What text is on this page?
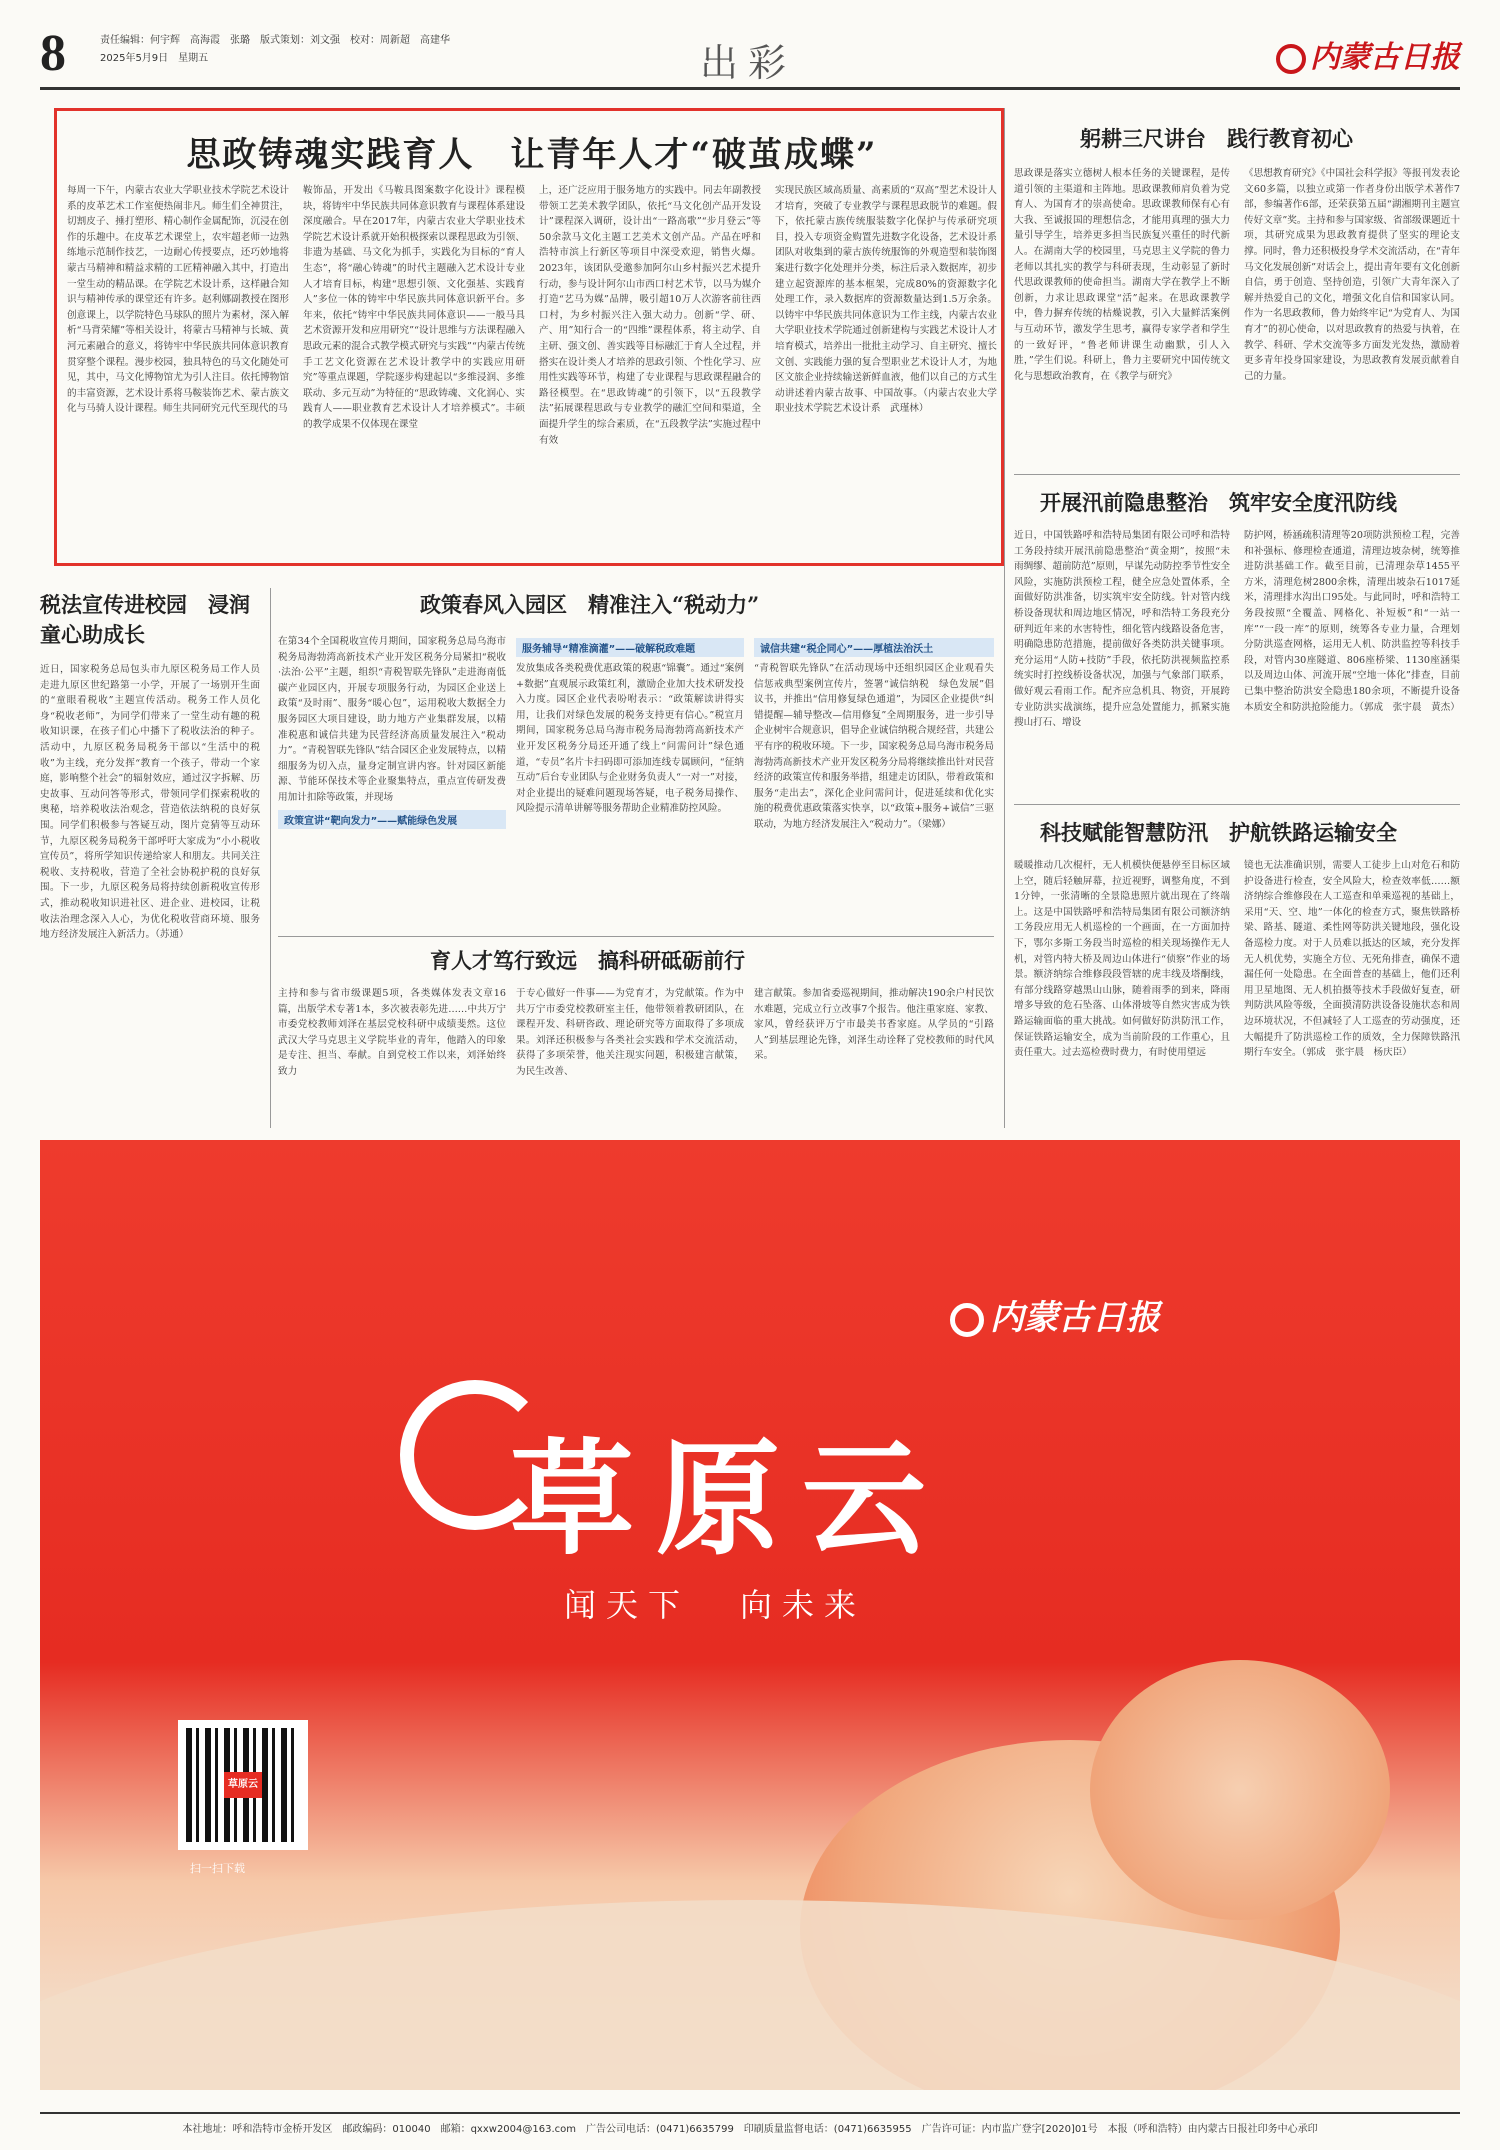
8	责任编辑：何宇辉　高海霞　张璐　版式策划：刘文强　校对：周新超　高建华
2025年5月9日　星期五	出彩	内蒙古日报
思政铸魂实践育人　让青年人才“破茧成蝶”
每周一下午，内蒙古农业大学职业技术学院艺术设计系的皮革艺术工作室便热闹非凡。师生们全神贯注，切割皮子、捶打塑形、精心制作金属配饰，沉浸在创作的乐趣中。在皮革艺术课堂上，农牢超老师一边熟练地示范制作技艺，一边耐心传授要点，还巧妙地将蒙古马精神和精益求精的工匠精神融入其中，打造出一堂生动的精品课。在学院艺术设计系，这样融合知识与精神传承的课堂还有许多。赵利娜副教授在图形创意课上，以学院特色马球队的照片为素材，深入解析“马背荣耀”等相关设计，将蒙古马精神与长城、黄河元素融合的意义，将铸牢中华民族共同体意识教育贯穿整个课程。漫步校园，独具特色的马文化随处可见，其中，马文化博物馆尤为引人注目。依托博物馆的丰富资源，艺术设计系将马鞍装饰艺术、蒙古族文化与马骑人设计课程。师生共同研究元代至现代的马
鞍饰品，开发出《马鞍具图案数字化设计》课程模块，将铸牢中华民族共同体意识教育与课程体系建设深度融合。早在2017年，内蒙古农业大学职业技术学院艺术设计系就开始积极探索以课程思政为引领、非遗为基础、马文化为抓手，实践化为目标的“育人生态”，将“融心铸魂”的时代主题融入艺术设计专业人才培育目标，构建“思想引领、文化强基、实践育人”多位一体的铸牢中华民族共同体意识新平台。多年来，依托“铸牢中华民族共同体意识——一般马具艺术资源开发和应用研究”“设计思维与方法课程融入思政元素的混合式教学模式研究与实践”“内蒙古传统手工艺文化资源在艺术设计教学中的实践应用研究”等重点课题，学院逐步构建起以“多维浸润、多维联动、多元互动”为特征的“思政铸魂、文化润心、实践育人——职业教育艺术设计人才培养模式”。丰硕的教学成果不仅体现在课堂
上，还广泛应用于服务地方的实践中。同去年副教授带领工艺美术教学团队，依托“马文化创产品开发设计”课程深入调研，设计出“一路高歌”“步月登云”等50余款马文化主题工艺美术文创产品。产品在呼和浩特市滨上行新区等项目中深受欢迎，销售火爆。2023年，该团队受邀参加阿尔山乡村振兴艺术提升行动，参与设计阿尔山市西口村艺术节，以马为媒介打造“艺马为媒”品牌，吸引超10万人次游客前往西口村，为乡村振兴注入强大动力。创新“学、研、产、用”知行合一的“四维”课程体系，将主动学、自主研、强文创、善实践等目标融汇于育人全过程，并搭实在设计类人才培养的思政引领、个性化学习、应用性实践等环节，构建了专业课程与思政课程融合的路径模型。在“思政铸魂”的引领下，以“五段教学法”拓展课程思政与专业教学的融汇空间和渠道，全面提升学生的综合素质，在“五段教学法”实施过程中有效
实现民族区域高质量、高素质的“双高”型艺术设计人才培育，突破了专业教学与课程思政脱节的难题。假下，依托蒙古族传统服装数字化保护与传承研究项目，投入专项资金购置先进数字化设备，艺术设计系团队对收集到的蒙古族传统服饰的外观造型和装饰图案进行数字化处理并分类，标注后录入数据库，初步建立起资源库的基本框架，完成80%的资源数字化处理工作，录入数据库的资源数量达到1.5万余条。以铸牢中华民族共同体意识为工作主线，内蒙古农业大学职业技术学院通过创新建构与实践艺术设计人才培育模式，培养出一批批主动学习、自主研究、擅长文创、实践能力强的复合型职业艺术设计人才，为地区文旅企业持续输送新鲜血液，他们以自己的方式生动讲述着内蒙古故事、中国故事。（内蒙古农业大学职业技术学院艺术设计系　武瑾林）
躬耕三尺讲台　践行教育初心
思政课是落实立德树人根本任务的关键课程，是传道引领的主渠道和主阵地。思政课教师肩负着为党育人、为国育才的崇高使命。思政课教师保有心有大我、至诚报国的理想信念，才能用真理的强大力量引导学生，培养更多担当民族复兴重任的时代新人。在湖南大学的校园里，马克思主义学院的鲁力老师以其扎实的教学与科研表现，生动彰显了新时代思政课教师的使命担当。湖南大学在教学上不断创新，力求让思政课堂“活”起来。在思政课教学中，鲁力摒弃传统的枯燥说教，引入大量鲜活案例与互动环节，激发学生思考，赢得专家学者和学生的一致好评，“鲁老师讲课生动幽默，引人入胜，”学生们说。科研上，鲁力主要研究中国传统文化与思想政治教育，在《教学与研究》
《思想教育研究》《中国社会科学报》等报刊发表论文60多篇，以独立或第一作者身份出版学术著作7部，参编著作6部，还荣获第五届“湖湘期刊主题宣传好文章”奖。主持和参与国家级、省部级课题近十项，其研究成果为思政教育提供了坚实的理论支撑。同时，鲁力还积极投身学术交流活动，在“青年马文化发展创新”对话会上，提出青年要有文化创新自信，勇于创造、坚持创造，引领广大青年深入了解并热爱自己的文化，增强文化自信和国家认同。作为一名思政教师，鲁力始终牢记“为党育人、为国育才”的初心使命，以对思政教育的热爱与执着，在教学、科研、学术交流等多方面发光发热，激励着更多青年投身国家建设，为思政教育发展贡献着自己的力量。
开展汛前隐患整治　筑牢安全度汛防线
近日，中国铁路呼和浩特局集团有限公司呼和浩特工务段持续开展汛前隐患整治“黄金期”，按照“未雨绸缪、超前防范”原则，早谋先动防控季节性安全风险，实施防洪预检工程，健全应急处置体系，全面做好防洪准备，切实筑牢安全防线。针对管内线桥设备现状和周边地区情况，呼和浩特工务段充分研判近年来的水害特性，细化管内线路设备危害，明确隐患防范措施，提前做好各类防洪关键事项。充分运用“人防+技防”手段，依托防洪视频监控系统实时打控线桥设备状况，加强与气象部门联系，做好观云看雨工作。配齐应急机具、物资，开展跨专业防洪实战演练，提升应急处置能力，抓紧实施搜山打石、增设
防护网，桥涵疏积清理等20项防洪预检工程，完善和补强标、修理检查通道，清理边坡杂树，统筹推进防洪基础工作。截至目前，已清理杂草1455平方米，清理危树2800余株，清理出坡杂石1017延米，清理排水沟出口95处。与此同时，呼和浩特工务段按照“全覆盖、网格化、补短板”和“一站一库”“一段一库”的原则，统筹各专业力量，合理划分防洪巡查网格，运用无人机、防洪监控等科技手段，对管内30座隧道、806座桥梁、1130座涵渠以及周边山体、河流开展“空地一体化”排查，目前已集中整治防洪安全隐患180余项，不断提升设备本质安全和防洪抢险能力。（郭成　张宇晨　黄杰）
科技赋能智慧防汛　护航铁路运输安全
暖暖推动几次棍杆，无人机模快便悬停至目标区域上空，随后轻触屏幕，拉近视野，调整角度，不到1分钟，一张清晰的全景隐患照片就出现在了终端上。这是中国铁路呼和浩特局集团有限公司额济纳工务段应用无人机巡检的一个画面，在一方面加持下，鄂尔多斯工务段当时巡检的相关现场操作无人机，对管内特大桥及周边山体进行“侦察”作业的场景。额济纳综合维修段段管辖的虎丰线及塔酮线，有部分线路穿越黑山山脉，随着雨季的到来，降雨增多导致的危石坠落、山体滑坡等自然灾害成为铁路运输面临的重大挑战。如何做好防洪防汛工作，保证铁路运输安全，成为当前阶段的工作重心，且责任重大。过去巡检费时费力，有时使用望远
镜也无法准确识别，需要人工徒步上山对危石和防护设备进行检查，安全风险大，检查效率低……额济纳综合维修段在人工巡查和单乘巡视的基础上，采用“天、空、地”一体化的检查方式，聚焦铁路桥梁、路基、隧道、柔性网等防洪关键地段，强化设备巡检力度。对于人员难以抵达的区域，充分发挥无人机优势，实施全方位、无死角排查，确保不遗漏任何一处隐患。在全面普查的基础上，他们还利用卫星地图、无人机拍摄等技术手段做好复查，研判防洪风险等级，全面摸清防洪设备设施状态和周边环境状况，不但减轻了人工巡查的劳动强度，还大幅提升了防洪巡检工作的质效，全力保障铁路汛期行车安全。（郭成　张宇晨　杨庆臣）
税法宣传进校园　浸润童心助成长
近日，国家税务总局包头市九原区税务局工作人员走进九原区世纪路第一小学，开展了一场别开生面的“童眼看税收”主题宣传活动。税务工作人员化身“税收老师”，为同学们带来了一堂生动有趣的税收知识课，在孩子们心中播下了税收法治的种子。活动中，九原区税务局税务干部以“生活中的税收”为主线，充分发挥“教育一个孩子，带动一个家庭，影响整个社会”的辐射效应，通过汉字拆解、历史故事、互动问答等形式，带领同学们探索税收的奥秘，培养税收法治观念，营造依法纳税的良好氛围。同学们积极参与答疑互动，图片竞猜等互动环节，九原区税务局税务干部呼吁大家成为“小小税收宣传员”，将所学知识传递给家人和朋友。共同关注税收、支持税收，营造了全社会协税护税的良好氛围。下一步，九原区税务局将持续创新税收宣传形式，推动税收知识进社区、进企业、进校园，让税收法治理念深入人心，为优化税收营商环境、服务地方经济发展注入新活力。（苏通）
政策春风入园区　精准注入“税动力”
在第34个全国税收宣传月期间，国家税务总局乌海市税务局海勃湾高新技术产业开发区税务分局紧扣“税收·法治·公平”主题，组织“青税智联先锋队”走进海南低碳产业园区内，开展专项服务行动，为园区企业送上政策“及时雨”、服务“暖心包”，运用税收大数据全力服务园区大项目建设，助力地方产业集群发展，以精准税惠和诚信共建为民营经济高质量发展注入“税动力”。“青税智联先锋队”结合园区企业发展特点，以精细服务为切入点，量身定制宣讲内容。针对园区新能源、节能环保技术等企业聚集特点，重点宣传研发费用加计扣除等政策，并现场
政策宣讲“靶向发力”——赋能绿色发展
服务辅导“精准滴灌”——破解税政难题
发放集成各类税费优惠政策的税惠“锦囊”。通过“案例+数据”直观展示政策红利，激励企业加大技术研发投入力度。园区企业代表吩咐表示：“政策解读讲得实用，让我们对绿色发展的税务支持更有信心。”税宣月期间，国家税务总局乌海市税务局海勃湾高新技术产业开发区税务分局还开通了线上“问需问计”绿色通道，“专员”名片卡扫码即可添加连线专属顾问，“征纳互动”后台专业团队与企业财务负责人“一对一”对接，对企业提出的疑难问题现场答疑，电子税务局操作、风险提示清单讲解等服务帮助企业精准防控风险。
诚信共建“税企同心”——厚植法治沃土
“青税智联先锋队”在活动现场中还组织园区企业观看失信惩戒典型案例宣传片，签署“诚信纳税　绿色发展”倡议书，并推出“信用修复绿色通道”，为园区企业提供“纠错提醒—辅导整改—信用修复”全周期服务，进一步引导企业树牢合规意识，倡导企业诚信纳税合规经营，共建公平有序的税收环境。下一步，国家税务总局乌海市税务局海勃湾高新技术产业开发区税务分局将继续推出针对民营经济的政策宣传和服务举措，组建走访团队，带着政策和服务“走出去”，深化企业问需问计，促进延续和优化实施的税费优惠政策落实快享，以“政策+服务+诚信”三驱联动，为地方经济发展注入“税动力”。（梁娜）
育人才笃行致远　搞科研砥砺前行
主持和参与省市级课题5项，各类媒体发表文章16篇，出版学术专著1本，多次被表彰先进……中共万宁市委党校教师刘泽在基层党校科研中成绩斐然。这位武汉大学马克思主义学院毕业的青年，他踏入的印象是专注、担当、奉献。自到党校工作以来，刘泽始终致力
于专心做好一件事——为党育才，为党献策。作为中共万宁市委党校教研室主任，他带领着教研团队，在课程开发、科研咨政、理论研究等方面取得了多项成果。刘泽还积极参与各类社会实践和学术交流活动，获得了多项荣誉，他关注现实问题，积极建言献策，为民生改善、
建言献策。参加省委巡视期间，推动解决190余户村民饮水难题，完成立行立改事7个报告。他注重家庭、家教、家风，曾经获评万宁市最美书香家庭。从学员的“引路人”到基层理论先锋，刘泽生动诠释了党校教师的时代风采。
内蒙古日报
草原云
闻天下 向未来
草原云
扫一扫下载
本社地址：呼和浩特市金桥开发区　邮政编码：010040　邮箱：qxxw2004@163.com　广告公司电话：(0471)6635799　印刷质量监督电话：(0471)6635955　广告许可证：内市监广登字[2020]01号　本报（呼和浩特）由内蒙古日报社印务中心承印
